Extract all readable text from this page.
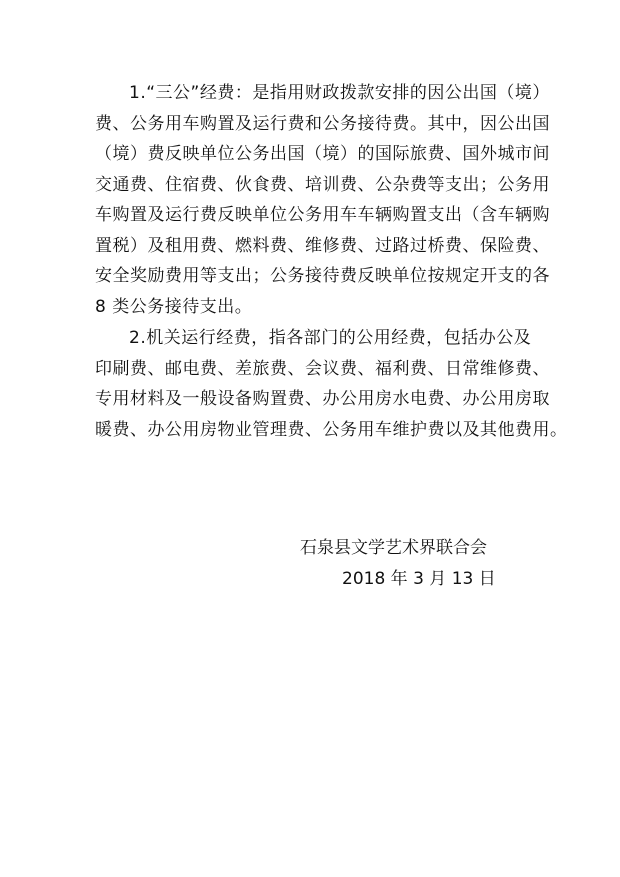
1.“三公”经费：是指用财政拨款安排的因公出国（境）
费、公务用车购置及运行费和公务接待费。其中，因公出国
（境）费反映单位公务出国（境）的国际旅费、国外城市间
交通费、住宿费、伙食费、培训费、公杂费等支出；公务用
车购置及运行费反映单位公务用车车辆购置支出（含车辆购
置税）及租用费、燃料费、维修费、过路过桥费、保险费、
安全奖励费用等支出；公务接待费反映单位按规定开支的各
8 类公务接待支出。
2.机关运行经费，指各部门的公用经费，包括办公及
印刷费、邮电费、差旅费、会议费、福利费、日常维修费、
专用材料及一般设备购置费、办公用房水电费、办公用房取
暖费、办公用房物业管理费、公务用车维护费以及其他费用。
石泉县文学艺术界联合会
2018 年 3 月 13 日
